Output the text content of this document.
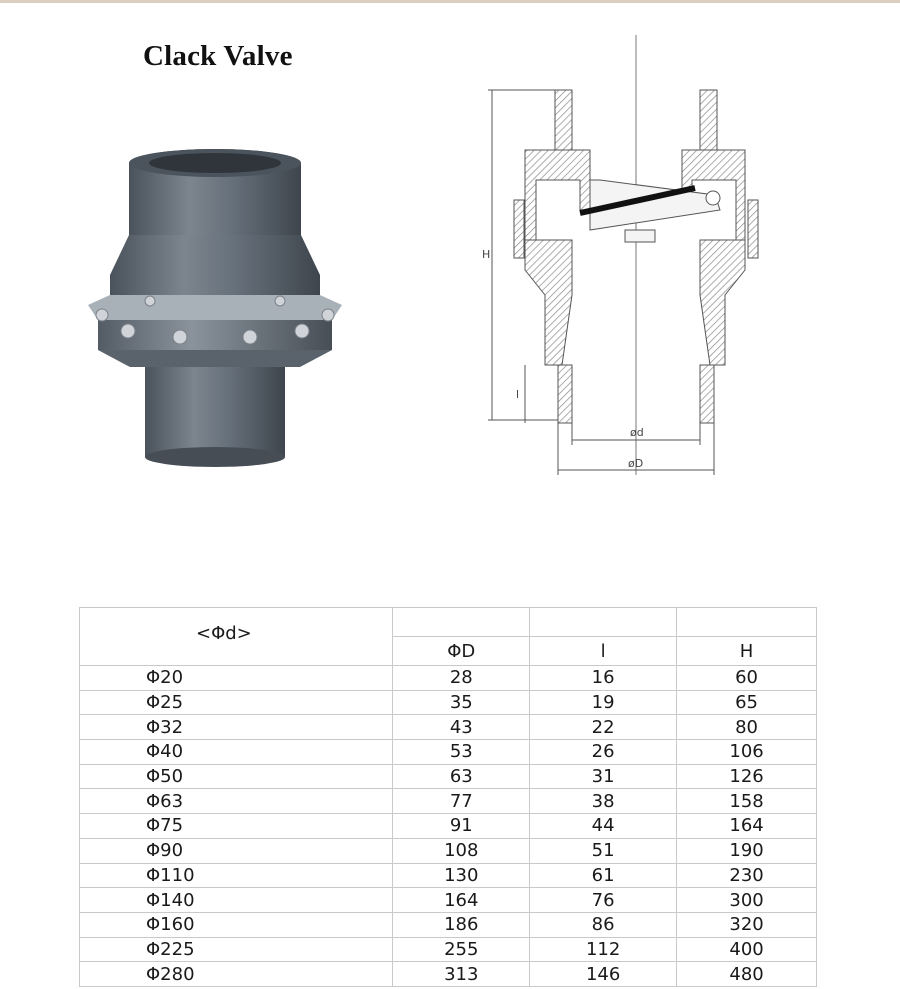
Clack Valve
H
l
ød
øD
<Φd>			
	ΦD	l	H
Φ20	28	16	60
Φ25	35	19	65
Φ32	43	22	80
Φ40	53	26	106
Φ50	63	31	126
Φ63	77	38	158
Φ75	91	44	164
Φ90	108	51	190
Φ110	130	61	230
Φ140	164	76	300
Φ160	186	86	320
Φ225	255	112	400
Φ280	313	146	480
